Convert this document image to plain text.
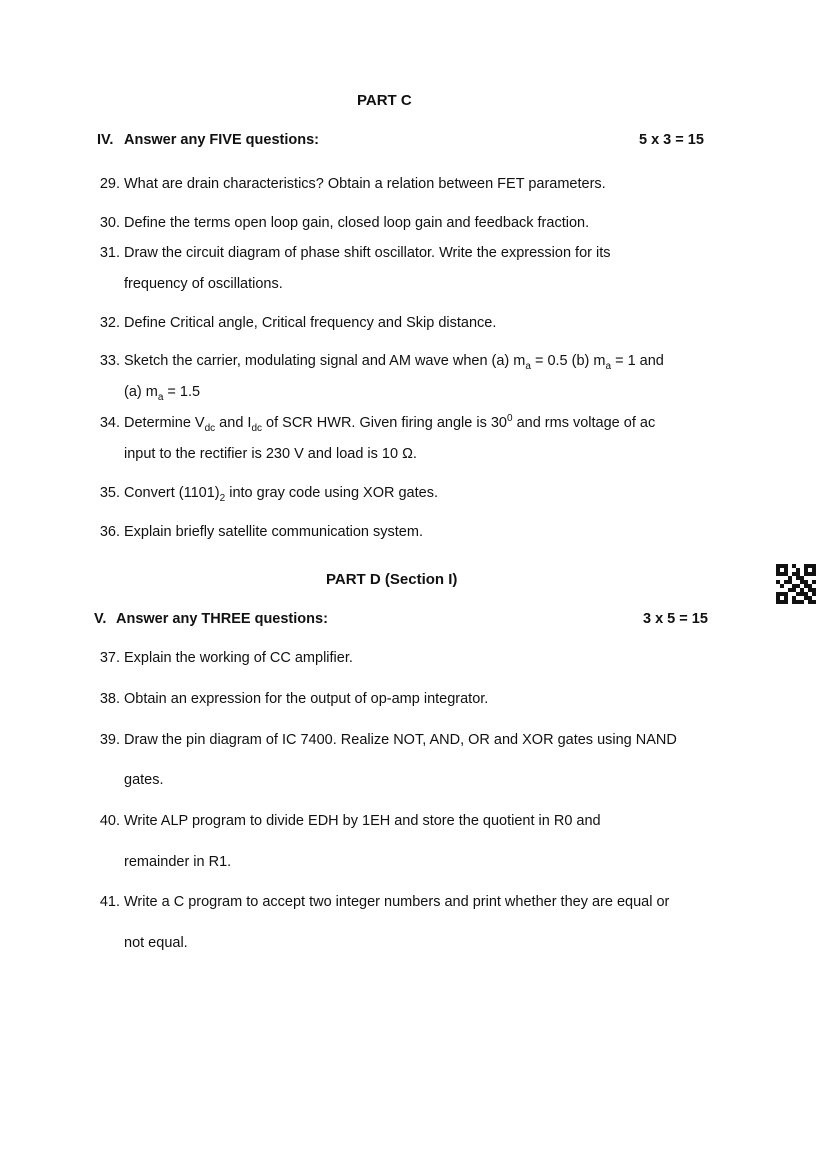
PART C
IV. Answer any FIVE questions:	5 x 3 = 15
29. What are drain characteristics? Obtain a relation between FET parameters.
30. Define the terms open loop gain, closed loop gain and feedback fraction.
31. Draw the circuit diagram of phase shift oscillator. Write the expression for its
frequency of oscillations.
32. Define Critical angle, Critical frequency and Skip distance.
33. Sketch the carrier, modulating signal and AM wave when (a) $m_a = 0.5$ (b) $m_a = 1$ and
(a) $m_a = 1.5$
34. Determine $V_{dc}$ and $I_{dc}$ of SCR HWR. Given firing angle is $30^0$ and rms voltage of ac
input to the rectifier is 230 V and load is 10 Ω.
35. Convert $(1101)_2$ into gray code using XOR gates.
36. Explain briefly satellite communication system.
PART D (Section I)
V. Answer any THREE questions:	3 x 5 = 15
37. Explain the working of CC amplifier.
38. Obtain an expression for the output of op-amp integrator.
39. Draw the pin diagram of IC 7400. Realize NOT, AND, OR and XOR gates using NAND
gates.
40. Write ALP program to divide EDH by 1EH and store the quotient in R0 and
remainder in R1.
41. Write a C program to accept two integer numbers and print whether they are equal or
not equal.
